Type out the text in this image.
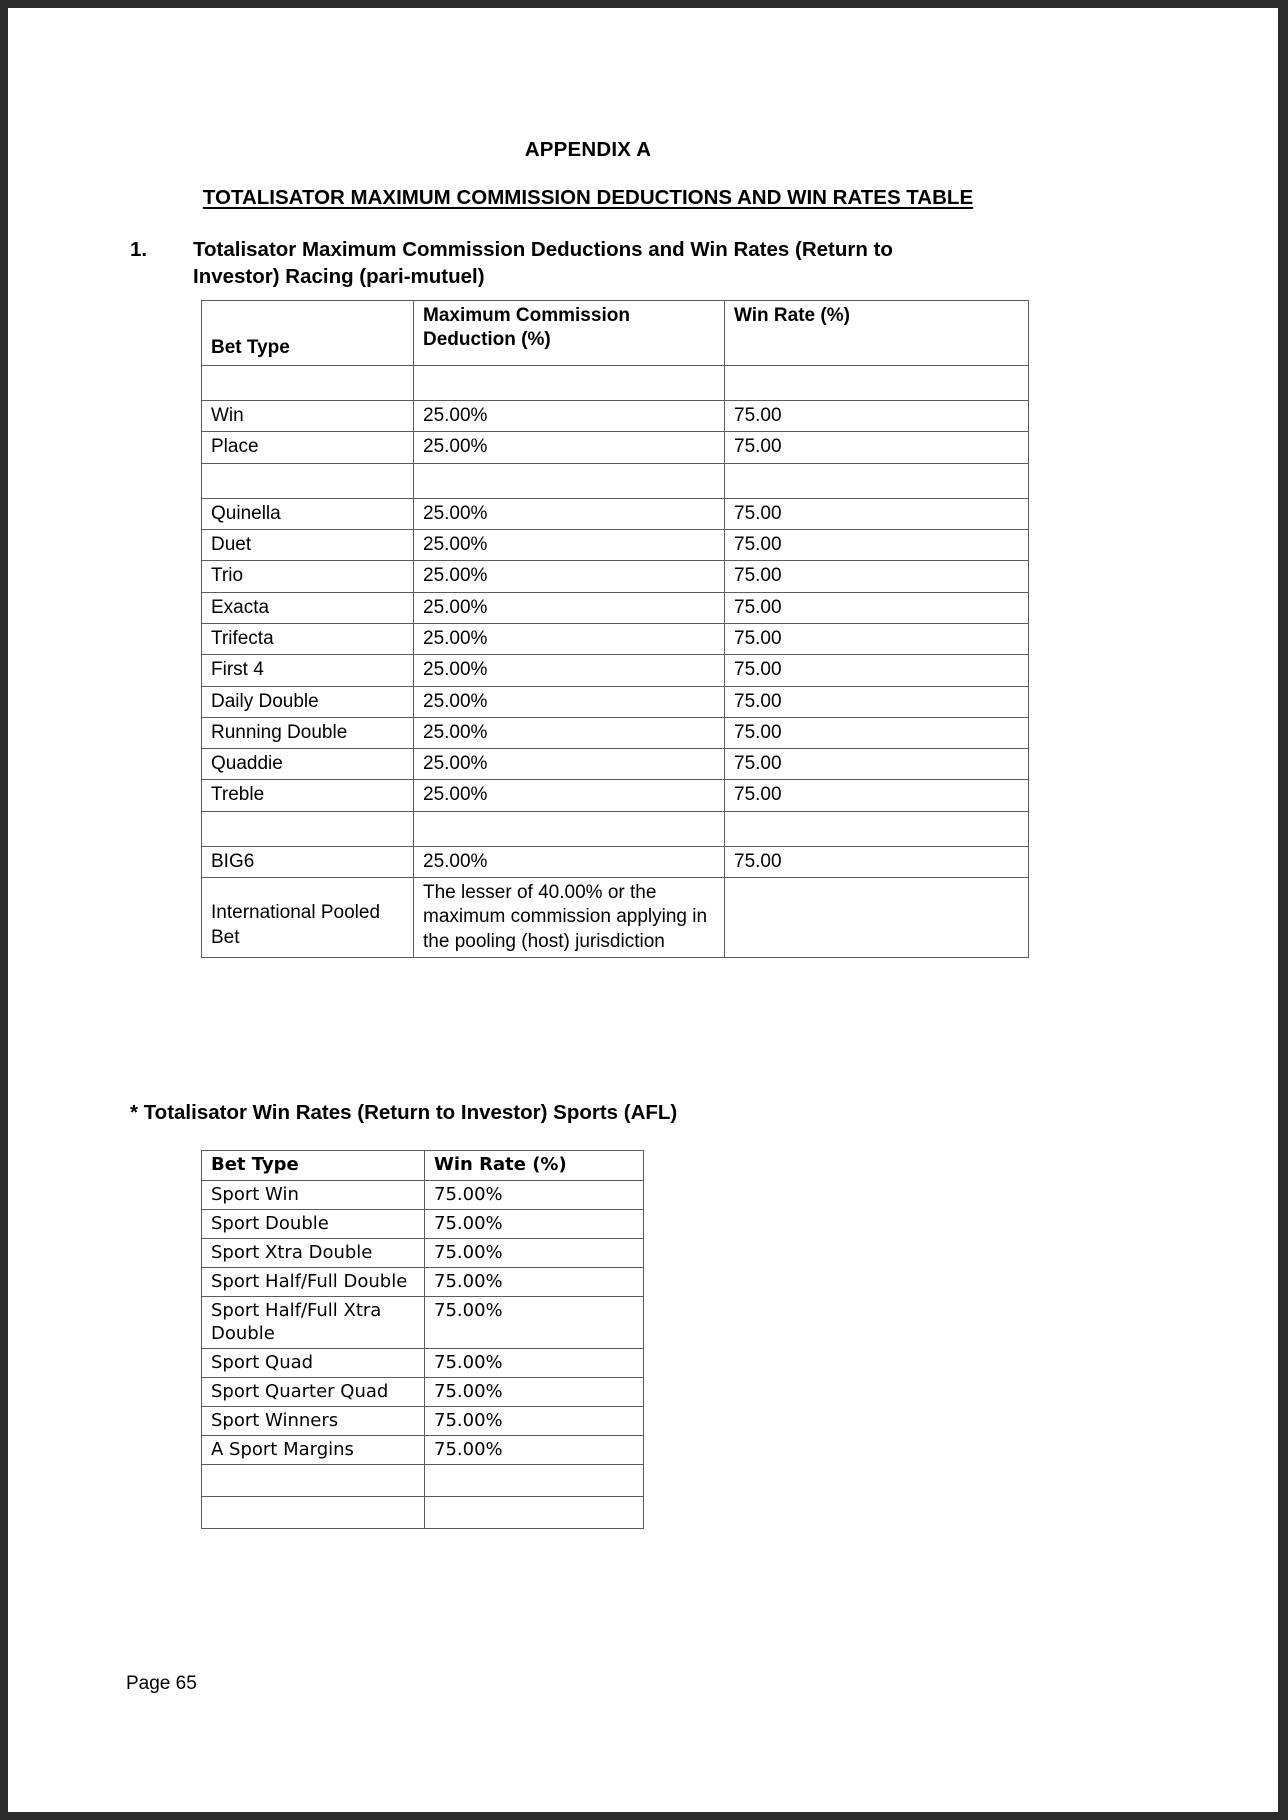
APPENDIX A
TOTALISATOR MAXIMUM COMMISSION DEDUCTIONS AND WIN RATES TABLE
1. Totalisator Maximum Commission Deductions and Win Rates (Return to Investor) Racing (pari-mutuel)
Bet Type	Maximum Commission Deduction (%)	Win Rate (%)

Win	25.00%	75.00
Place	25.00%	75.00

Quinella	25.00%	75.00
Duet	25.00%	75.00
Trio	25.00%	75.00
Exacta	25.00%	75.00
Trifecta	25.00%	75.00
First 4	25.00%	75.00
Daily Double	25.00%	75.00
Running Double	25.00%	75.00
Quaddie	25.00%	75.00
Treble	25.00%	75.00

BIG6	25.00%	75.00
International Pooled Bet	The lesser of 40.00% or the maximum commission applying in the pooling (host) jurisdiction	
* Totalisator Win Rates (Return to Investor) Sports (AFL)
Bet Type	Win Rate (%)
Sport Win	75.00%
Sport Double	75.00%
Sport Xtra Double	75.00%
Sport Half/Full Double	75.00%
Sport Half/Full Xtra Double	75.00%
Sport Quad	75.00%
Sport Quarter Quad	75.00%
Sport Winners	75.00%
A Sport Margins	75.00%

Page 65
